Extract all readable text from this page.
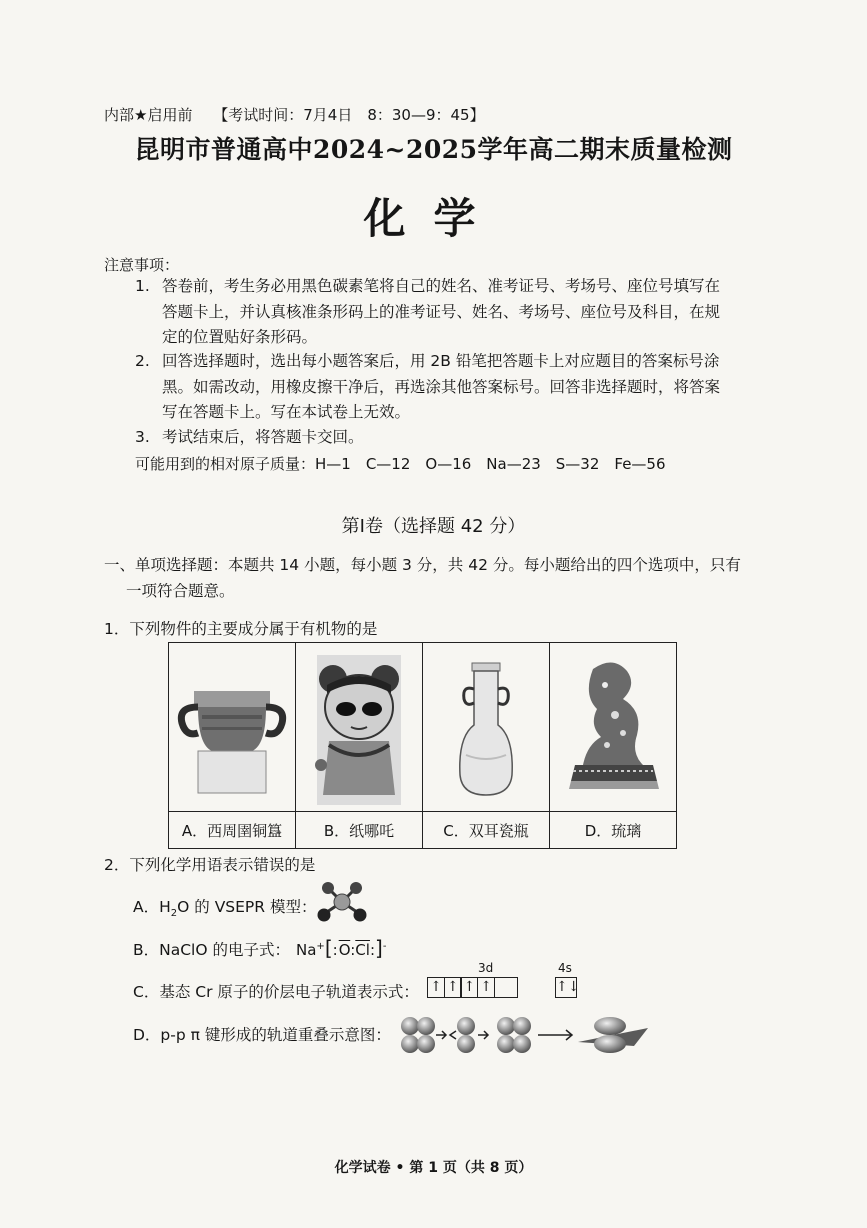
内部★启用前 【考试时间：7月4日　8：30—9：45】
昆明市普通高中2024~2025学年高二期末质量检测
化学
注意事项：
1. 答卷前，考生务必用黑色碳素笔将自己的姓名、准考证号、考场号、座位号填写在
答题卡上，并认真核准条形码上的准考证号、姓名、考场号、座位号及科目，在规
定的位置贴好条形码。
2. 回答选择题时，选出每小题答案后，用 2B 铅笔把答题卡上对应题目的答案标号涂
黑。如需改动，用橡皮擦干净后，再选涂其他答案标号。回答非选择题时，将答案
写在答题卡上。写在本试卷上无效。
3. 考试结束后，将答题卡交回。
可能用到的相对原子质量：H—1　C—12　O—16　Na—23　S—32　Fe—56
第Ⅰ卷（选择题 42 分）
一、单项选择题：本题共 14 小题，每小题 3 分，共 42 分。每小题给出的四个选项中，只有
一项符合题意。
1．下列物件的主要成分属于有机物的是

A．西周圉铜簋	B．纸哪吒	C．双耳瓷瓶	D．琉璃
2．下列化学用语表示错误的是
A．$H_2O$ 的 VSEPR 模型：
B．NaClO 的电子式： $Na^+[:\overline{O}:\overline{Cl}:]^-$
C．基态 Cr 原子的价层电子轨道表示式：
3d	4s
↑ ↑ ↑ ↑	↑↓
D．p-p π 键形成的轨道重叠示意图：
化学试卷 • 第 1 页（共 8 页）
